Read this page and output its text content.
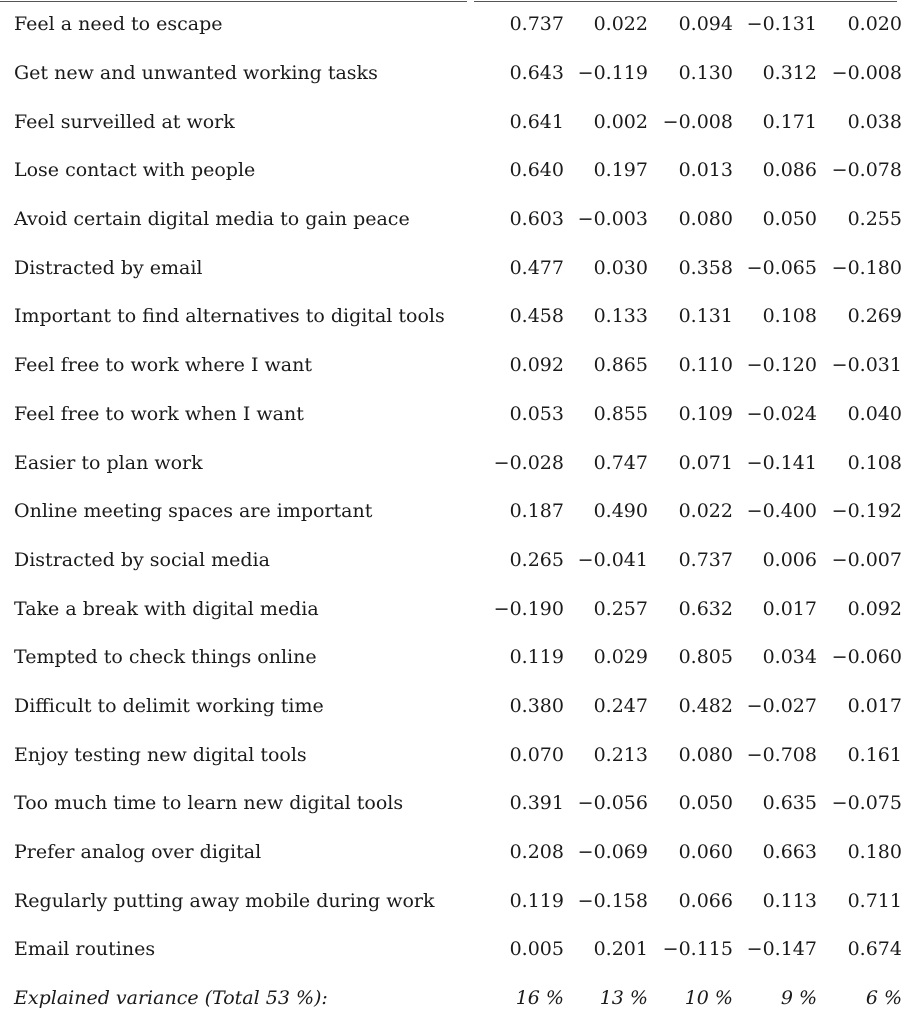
Feel a need to escape	0.737	0.022	0.094	−0.131	0.020
Get new and unwanted working tasks	0.643	−0.119	0.130	0.312	−0.008
Feel surveilled at work	0.641	0.002	−0.008	0.171	0.038
Lose contact with people	0.640	0.197	0.013	0.086	−0.078
Avoid certain digital media to gain peace	0.603	−0.003	0.080	0.050	0.255
Distracted by email	0.477	0.030	0.358	−0.065	−0.180
Important to find alternatives to digital tools	0.458	0.133	0.131	0.108	0.269
Feel free to work where I want	0.092	0.865	0.110	−0.120	−0.031
Feel free to work when I want	0.053	0.855	0.109	−0.024	0.040
Easier to plan work	−0.028	0.747	0.071	−0.141	0.108
Online meeting spaces are important	0.187	0.490	0.022	−0.400	−0.192
Distracted by social media	0.265	−0.041	0.737	0.006	−0.007
Take a break with digital media	−0.190	0.257	0.632	0.017	0.092
Tempted to check things online	0.119	0.029	0.805	0.034	−0.060
Difficult to delimit working time	0.380	0.247	0.482	−0.027	0.017
Enjoy testing new digital tools	0.070	0.213	0.080	−0.708	0.161
Too much time to learn new digital tools	0.391	−0.056	0.050	0.635	−0.075
Prefer analog over digital	0.208	−0.069	0.060	0.663	0.180
Regularly putting away mobile during work	0.119	−0.158	0.066	0.113	0.711
Email routines	0.005	0.201	−0.115	−0.147	0.674
Explained variance (Total 53 %):	16 %	13 %	10 %	9 %	6 %
